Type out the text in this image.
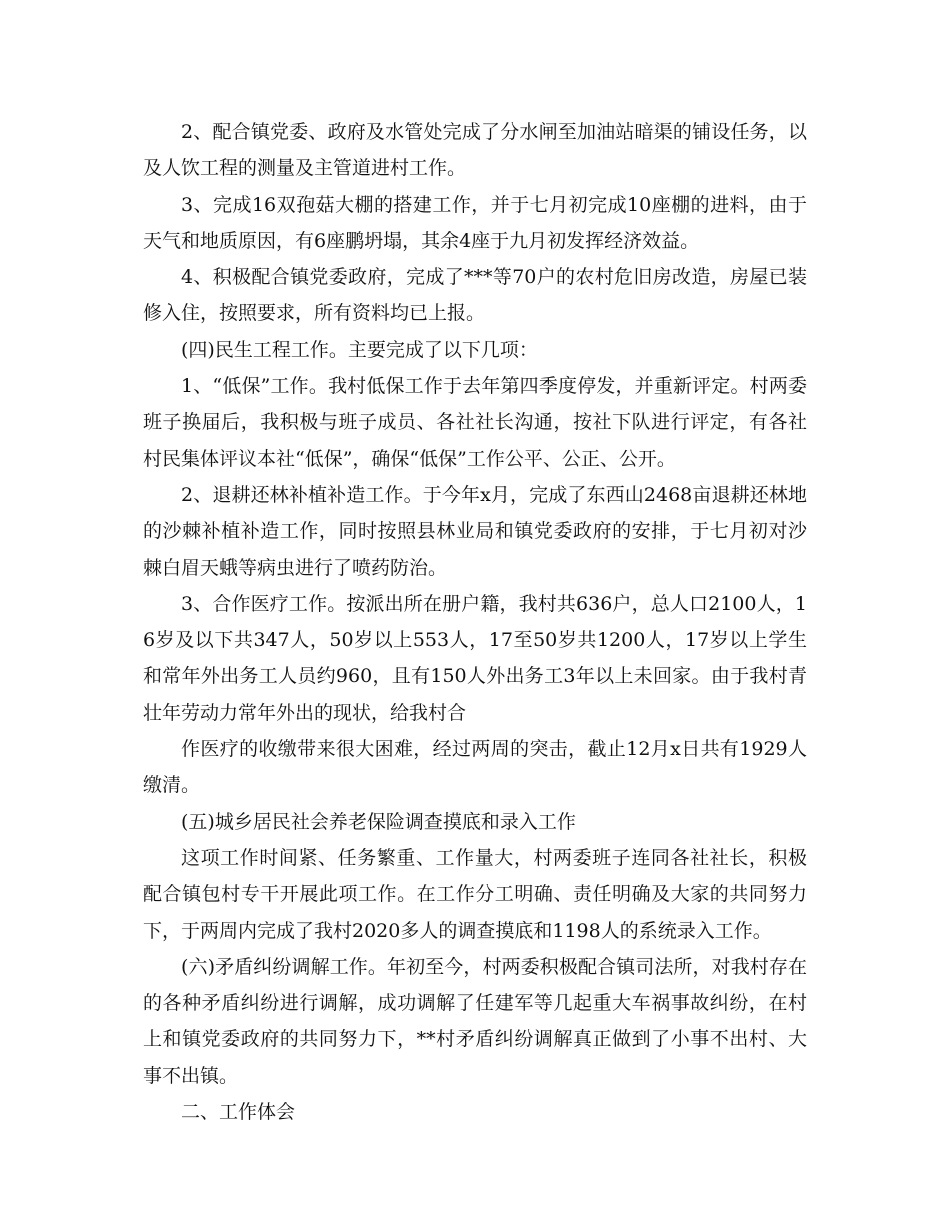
2、配合镇党委、政府及水管处完成了分水闸至加油站暗渠的铺设任务，以及人饮工程的测量及主管道进村工作。

3、完成16双孢菇大棚的搭建工作，并于七月初完成10座棚的进料，由于天气和地质原因，有6座鹏坍塌，其余4座于九月初发挥经济效益。

4、积极配合镇党委政府，完成了***等70户的农村危旧房改造，房屋已装修入住，按照要求，所有资料均已上报。

(四)民生工程工作。主要完成了以下几项：

1、“低保”工作。我村低保工作于去年第四季度停发，并重新评定。村两委班子换届后，我积极与班子成员、各社社长沟通，按社下队进行评定，有各社村民集体评议本社“低保”，确保“低保”工作公平、公正、公开。

2、退耕还林补植补造工作。于今年x月，完成了东西山2468亩退耕还林地的沙棘补植补造工作，同时按照县林业局和镇党委政府的安排，于七月初对沙棘白眉天蛾等病虫进行了喷药防治。

3、合作医疗工作。按派出所在册户籍，我村共636户，总人口2100人，16岁及以下共347人，50岁以上553人，17至50岁共1200人，17岁以上学生和常年外出务工人员约960，且有150人外出务工3年以上未回家。由于我村青壮年劳动力常年外出的现状，给我村合

作医疗的收缴带来很大困难，经过两周的突击，截止12月x日共有1929人缴清。

(五)城乡居民社会养老保险调查摸底和录入工作

这项工作时间紧、任务繁重、工作量大，村两委班子连同各社社长，积极配合镇包村专干开展此项工作。在工作分工明确、责任明确及大家的共同努力下，于两周内完成了我村2020多人的调查摸底和1198人的系统录入工作。

(六)矛盾纠纷调解工作。年初至今，村两委积极配合镇司法所，对我村存在的各种矛盾纠纷进行调解，成功调解了任建军等几起重大车祸事故纠纷，在村上和镇党委政府的共同努力下，**村矛盾纠纷调解真正做到了小事不出村、大事不出镇。

二、工作体会
